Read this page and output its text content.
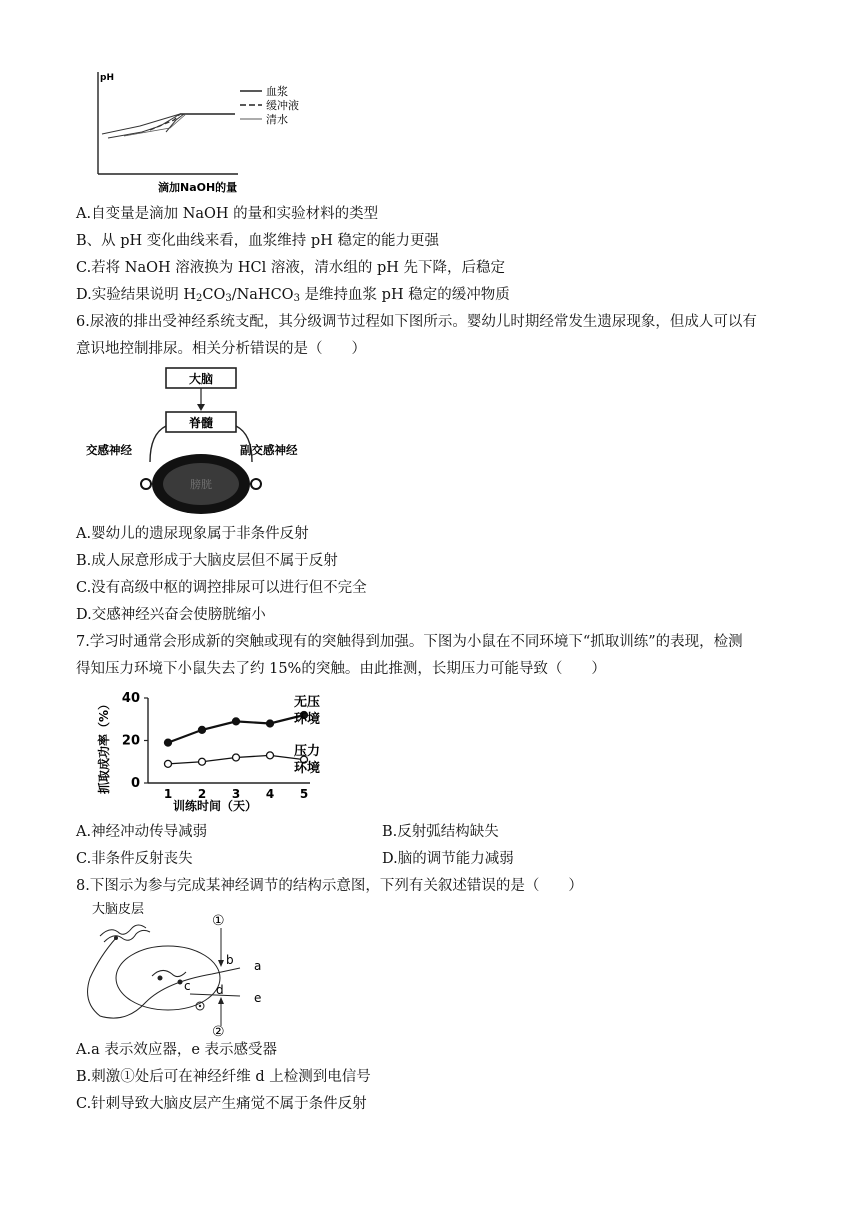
pH
血浆
缓冲液
清水
滴加NaOH的量
A.自变量是滴加 NaOH 的量和实验材料的类型
B、从 pH 变化曲线来看，血浆维持 pH 稳定的能力更强
C.若将 NaOH 溶液换为 HCl 溶液，清水组的 pH 先下降，后稳定
D.实验结果说明 $H_2CO_3/NaHCO_3$ 是维持血浆 pH 稳定的缓冲物质
6.尿液的排出受神经系统支配，其分级调节过程如下图所示。婴幼儿时期经常发生遗尿现象，但成人可以有
意识地控制排尿。相关分析错误的是（　　）
大脑
脊髓
交感神经	副交感神经
膀胱
A.婴幼儿的遗尿现象属于非条件反射
B.成人尿意形成于大脑皮层但不属于反射
C.没有高级中枢的调控排尿可以进行但不完全
D.交感神经兴奋会使膀胱缩小
7.学习时通常会形成新的突触或现有的突触得到加强。下图为小鼠在不同环境下“抓取训练”的表现，检测
得知压力环境下小鼠失去了约 15%的突触。由此推测，长期压力可能导致（　　）
抓取成功率（%） 0
20
40
1 2 3 4 5
无压
环境
压力
环境
训练时间（天）
A.神经冲动传导减弱	B.反射弧结构缺失
C.非条件反射丧失	D.脑的调节能力减弱
8.下图示为参与完成某神经调节的结构示意图，下列有关叙述错误的是（　　）
大脑皮层
①
②
b a
c d
e
A.a 表示效应器，e 表示感受器
B.刺激①处后可在神经纤维 d 上检测到电信号
C.针刺导致大脑皮层产生痛觉不属于条件反射
